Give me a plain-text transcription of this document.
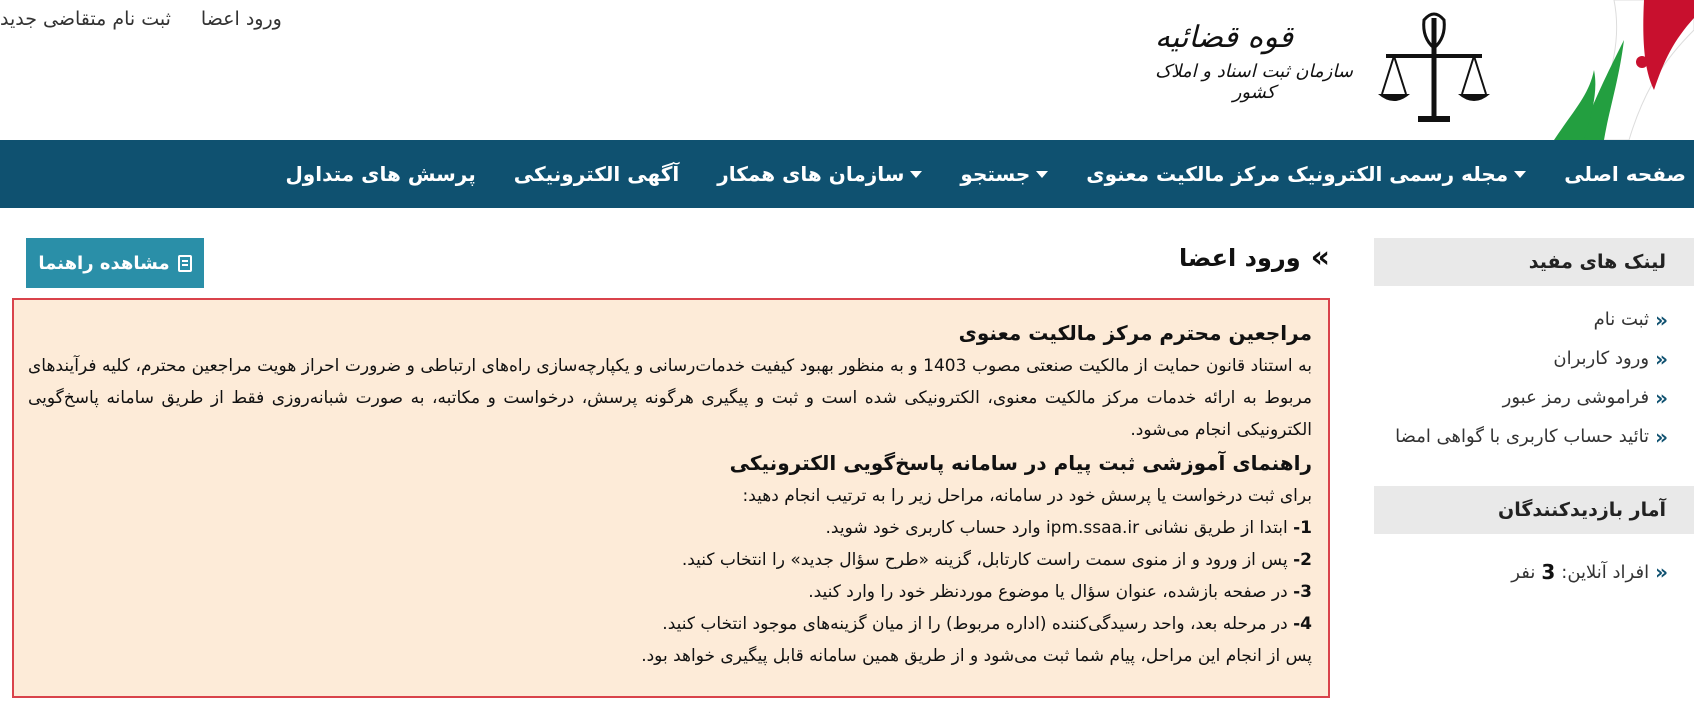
قوه قضائیه
سازمان ثبت اسناد و املاک کشور
ورود اعضا
ثبت نام متقاضی جدید
صفحه اصلی
مجله رسمی الکترونیک مرکز مالکیت معنوی
جستجو
سازمان های همکار
آگهی الکترونیکی
پرسش های متداول
لینک های مفید
«
ثبت نام
«
ورود کاربران
«
فراموشی رمز عبور
«
تائید حساب کاربری با گواهی امضا
آمار بازدیدکنندگان
«
افراد آنلاین:
3
نفر
»
ورود اعضا
مشاهده راهنما
مراجعین محترم مرکز مالکیت معنوی

به استناد قانون حمایت از مالکیت صنعتی مصوب 1403 و به منظور بهبود کیفیت خدمات‌رسانی و یکپارچه‌سازی راه‌های ارتباطی و ضرورت احراز هویت مراجعین محترم، کلیه فرآیندهای مربوط به ارائه خدمات مرکز مالکیت معنوی، الکترونیکی شده است و ثبت و پیگیری هرگونه پرسش، درخواست و مکاتبه، به صورت شبانه‌روزی فقط از طریق سامانه پاسخ‌گویی الکترونیکی انجام می‌شود.

راهنمای آموزشی ثبت پیام در سامانه پاسخ‌گویی الکترونیکی

برای ثبت درخواست یا پرسش خود در سامانه، مراحل زیر را به ترتیب انجام دهید:

1- ابتدا از طریق نشانی ipm.ssaa.ir وارد حساب کاربری خود شوید.

2- پس از ورود و از منوی سمت راست کارتابل، گزینه «طرح سؤال جدید» را انتخاب کنید.

3- در صفحه بازشده، عنوان سؤال یا موضوع موردنظر خود را وارد کنید.

4- در مرحله بعد، واحد رسیدگی‌کننده (اداره مربوط) را از میان گزینه‌های موجود انتخاب کنید.

پس از انجام این مراحل، پیام شما ثبت می‌شود و از طریق همین سامانه قابل پیگیری خواهد بود.
